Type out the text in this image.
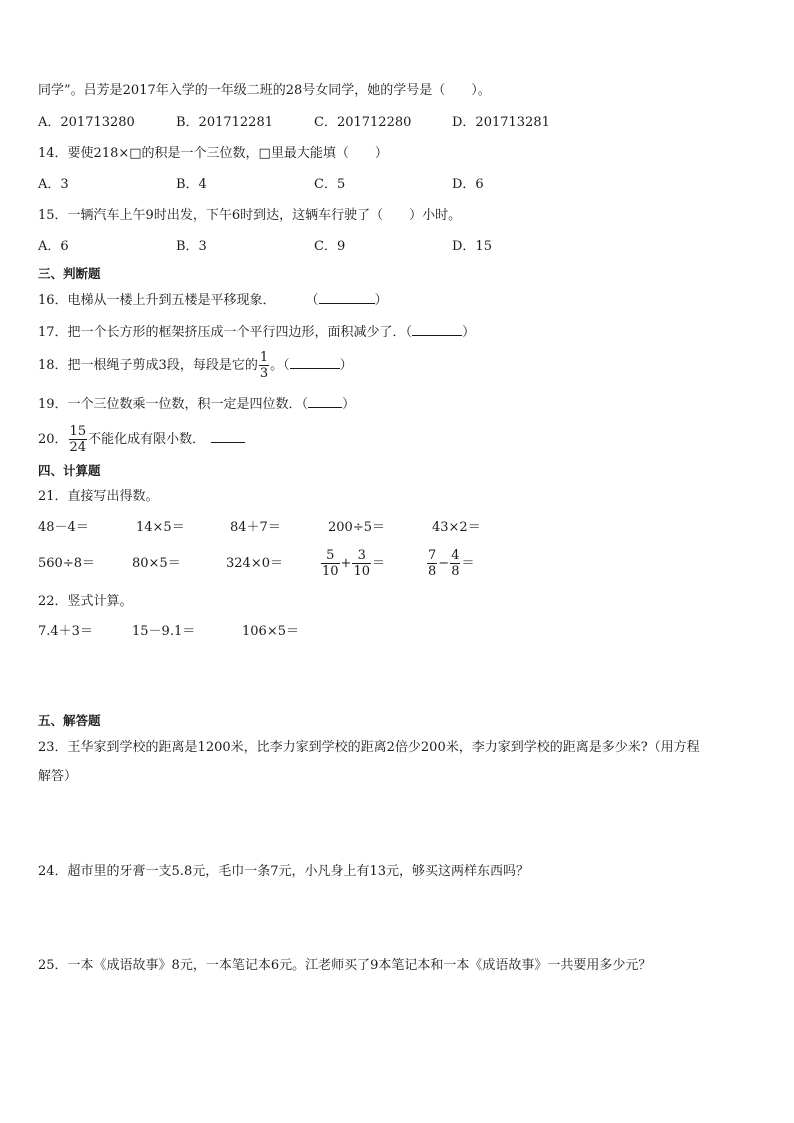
同学”。吕芳是2017年入学的一年级二班的28号女同学，她的学号是（　　）。
A．201713280	B．201712281	C．201712280	D．201713281
14．要使218×□的积是一个三位数，□里最大能填（　　）
A．3	B．4	C．5	D．6
15．一辆汽车上午9时出发，下午6时到达，这辆车行驶了（　　）小时。
A．6	B．3	C．9	D．15
三、判断题
16．电梯从一楼上升到五楼是平移现象． （	）
17．把一个长方形的框架挤压成一个平行四边形，面积减少了．（	）
18．把一根绳子剪成3段，每段是它的 $\frac{1}{3}$ 。（	）
19．一个三位数乘一位数，积一定是四位数．（	）
20． $\frac{15}{24}$ 不能化成有限小数．
四、计算题
21．直接写出得数。
48－4＝	14×5＝	84＋7＝	200÷5＝	43×2＝
560÷8＝	80×5＝	324×0＝	$\frac{5}{10} + \frac{3}{10}$ ＝	$\frac{7}{8} - \frac{4}{8}$ ＝
22．竖式计算。
7.4＋3＝	15－9.1＝	106×5＝
五、解答题
23．王华家到学校的距离是1200米，比李力家到学校的距离2倍少200米，李力家到学校的距离是多少米?（用方程
解答）
24．超市里的牙膏一支5.8元，毛巾一条7元，小凡身上有13元，够买这两样东西吗？
25．一本《成语故事》8元，一本笔记本6元。江老师买了9本笔记本和一本《成语故事》一共要用多少元？
